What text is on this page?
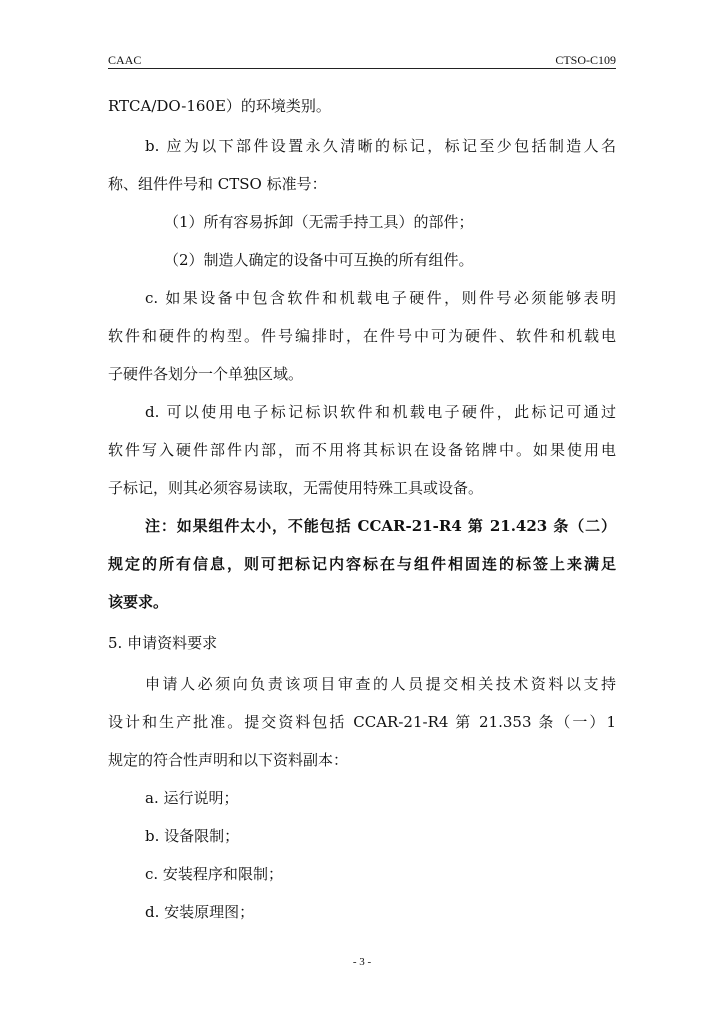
CAAC	CTSO-C109
RTCA/DO-160E）的环境类别。
b. 应为以下部件设置永久清晰的标记，标记至少包括制造人名
称、组件件号和 CTSO 标准号：
（1）所有容易拆卸（无需手持工具）的部件；
（2）制造人确定的设备中可互换的所有组件。
c. 如果设备中包含软件和机载电子硬件，则件号必须能够表明
软件和硬件的构型。件号编排时，在件号中可为硬件、软件和机载电
子硬件各划分一个单独区域。
d. 可以使用电子标记标识软件和机载电子硬件，此标记可通过
软件写入硬件部件内部，而不用将其标识在设备铭牌中。如果使用电
子标记，则其必须容易读取，无需使用特殊工具或设备。
注：如果组件太小，不能包括 CCAR-21-R4 第 21.423 条（二）
规定的所有信息，则可把标记内容标在与组件相固连的标签上来满足
该要求。
5. 申请资料要求
申请人必须向负责该项目审查的人员提交相关技术资料以支持
设计和生产批准。提交资料包括 CCAR-21-R4 第 21.353 条（一）1
规定的符合性声明和以下资料副本：
a. 运行说明；
b. 设备限制；
c. 安装程序和限制；
d. 安装原理图；
- 3 -
